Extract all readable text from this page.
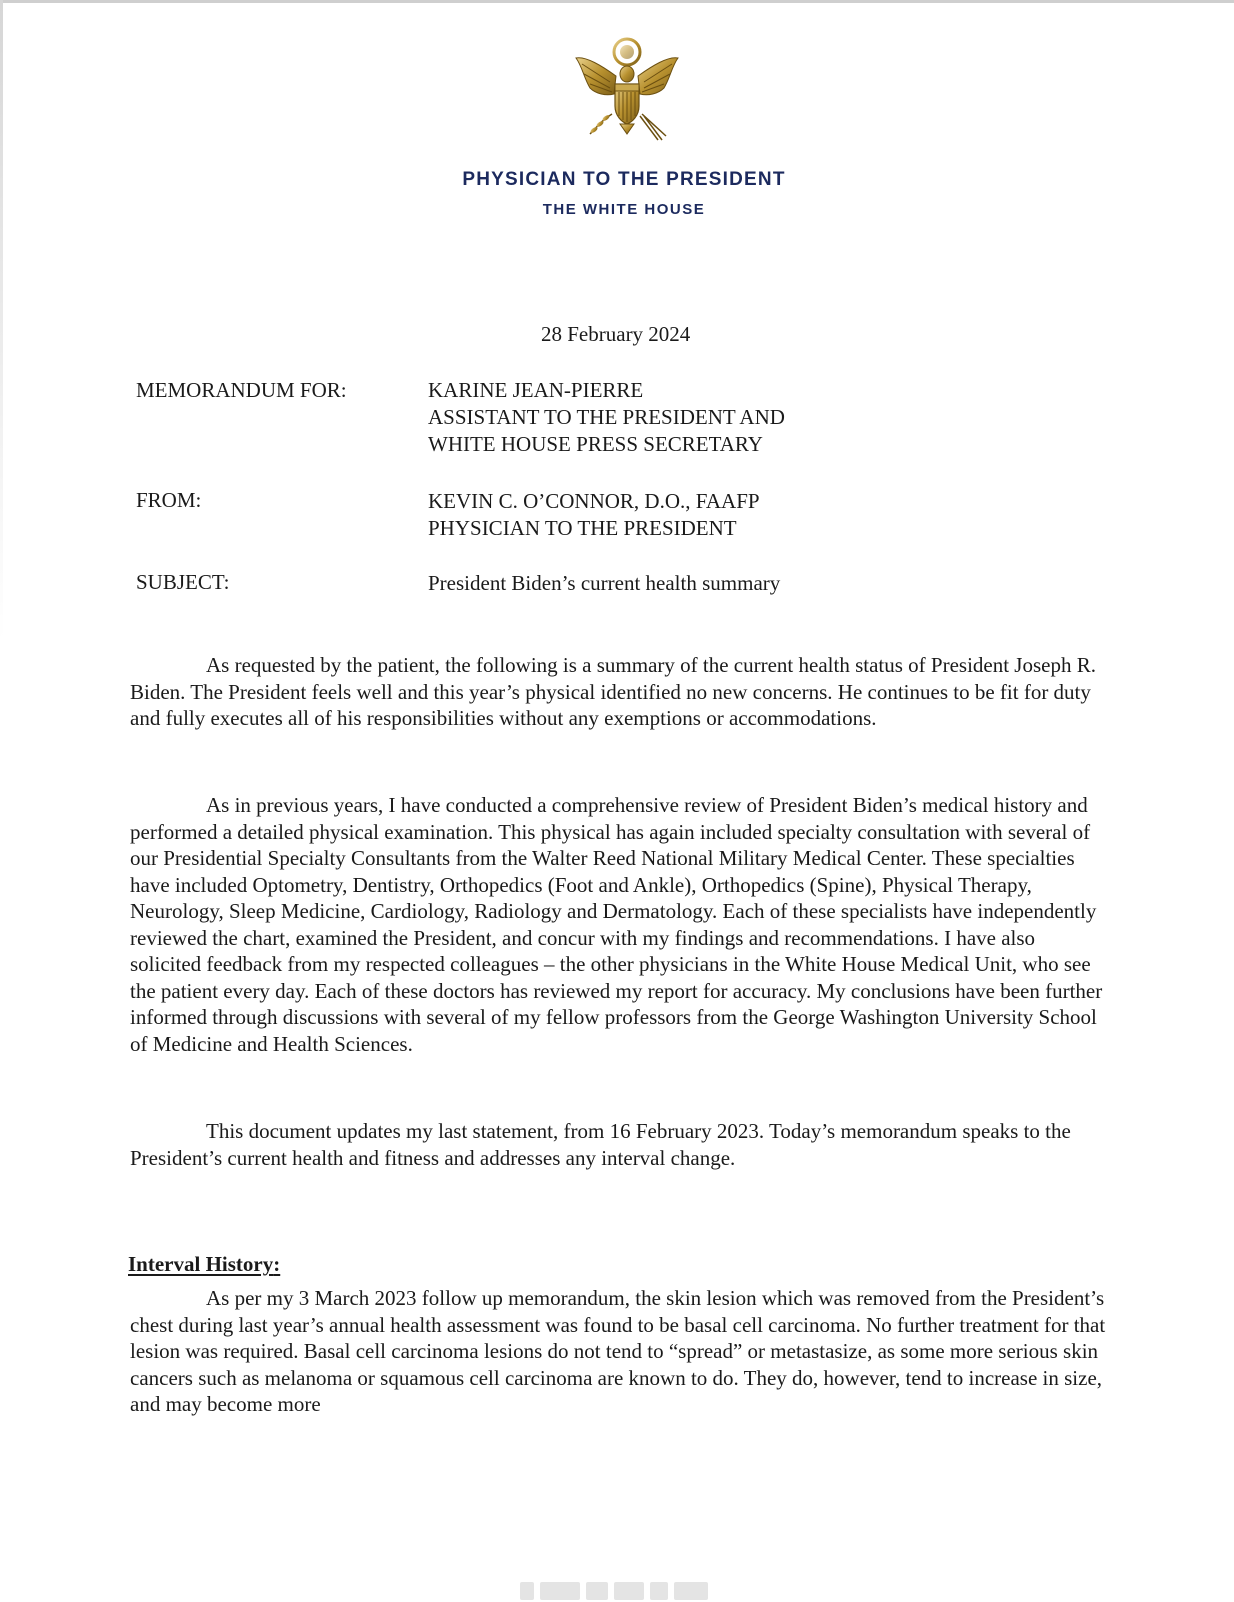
PHYSICIAN TO THE PRESIDENT
THE WHITE HOUSE
28 February 2024
MEMORANDUM FOR:	KARINE JEAN-PIERRE
ASSISTANT TO THE PRESIDENT AND
WHITE HOUSE PRESS SECRETARY
FROM:	KEVIN C. O’CONNOR, D.O., FAAFP
PHYSICIAN TO THE PRESIDENT
SUBJECT:	President Biden’s current health summary

As requested by the patient, the following is a summary of the current health status of President Joseph R. Biden. The President feels well and this year’s physical identified no new concerns. He continues to be fit for duty and fully executes all of his responsibilities without any exemptions or accommodations.

As in previous years, I have conducted a comprehensive review of President Biden’s medical history and performed a detailed physical examination. This physical has again included specialty consultation with several of our Presidential Specialty Consultants from the Walter Reed National Military Medical Center. These specialties have included Optometry, Dentistry, Orthopedics (Foot and Ankle), Orthopedics (Spine), Physical Therapy, Neurology, Sleep Medicine, Cardiology, Radiology and Dermatology. Each of these specialists have independently reviewed the chart, examined the President, and concur with my findings and recommendations. I have also solicited feedback from my respected colleagues – the other physicians in the White House Medical Unit, who see the patient every day. Each of these doctors has reviewed my report for accuracy. My conclusions have been further informed through discussions with several of my fellow professors from the George Washington University School of Medicine and Health Sciences.

This document updates my last statement, from 16 February 2023. Today’s memorandum speaks to the President’s current health and fitness and addresses any interval change.

Interval History:

As per my 3 March 2023 follow up memorandum, the skin lesion which was removed from the President’s chest during last year’s annual health assessment was found to be basal cell carcinoma. No further treatment for that lesion was required. Basal cell carcinoma lesions do not tend to “spread” or metastasize, as some more serious skin cancers such as melanoma or squamous cell carcinoma are known to do. They do, however, tend to increase in size, and may become more
